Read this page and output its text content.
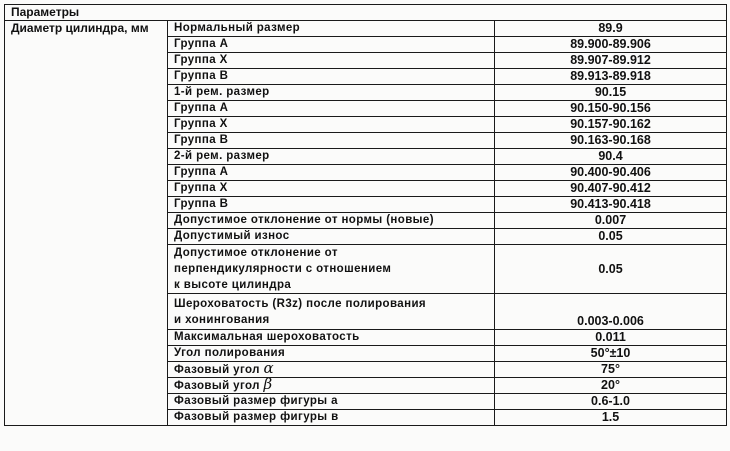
Параметры		
Диаметр цилиндра, мм	Нормальный размер	89.9
	Группа А	89.900-89.906
	Группа Х	89.907-89.912
	Группа В	89.913-89.918
	1-й рем. размер	90.15
	Группа А	90.150-90.156
	Группа Х	90.157-90.162
	Группа В	90.163-90.168
	2-й рем. размер	90.4
	Группа А	90.400-90.406
	Группа Х	90.407-90.412
	Группа В	90.413-90.418
	Допустимое отклонение от нормы (новые)	0.007
	Допустимый износ	0.05
	Допустимое отклонение от
перпендикулярности с отношением
к высоте цилиндра	0.05
	Шероховатость (R3z) после полирования
и хонингования	0.003-0.006
	Максимальная шероховатость	0.011
	Угол полирования	50°±10
	Фазовый угол α	75°
	Фазовый угол β	20°
	Фазовый размер фигуры а	0.6-1.0
	Фазовый размер фигуры в	1.5
